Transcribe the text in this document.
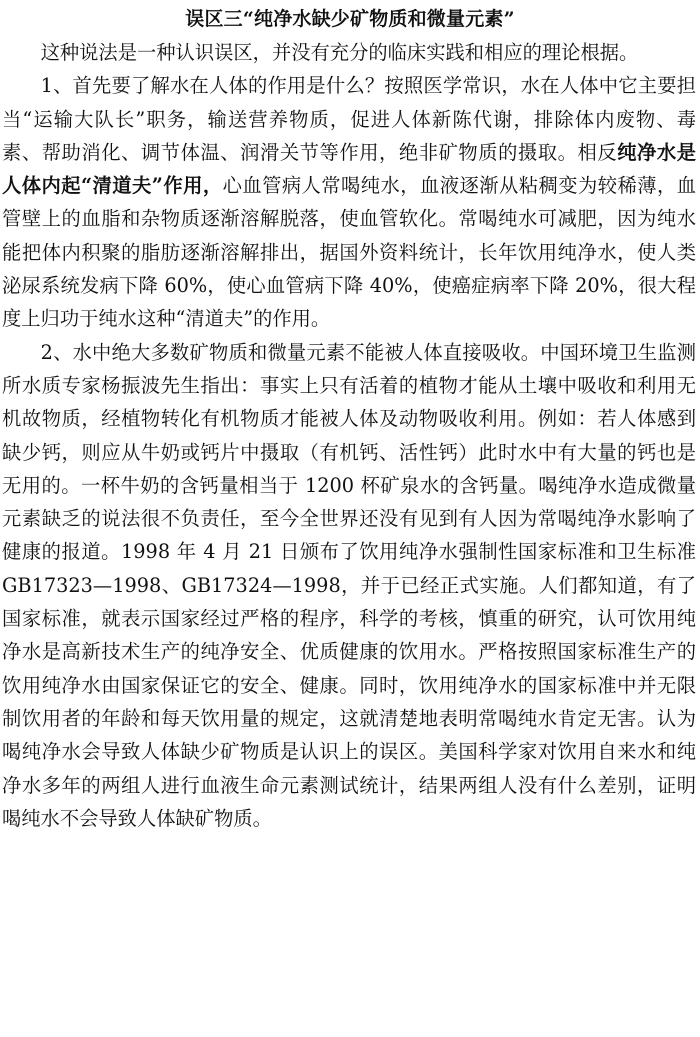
误区三“纯净水缺少矿物质和微量元素”

这种说法是一种认识误区，并没有充分的临床实践和相应的理论根据。

1、首先要了解水在人体的作用是什么？按照医学常识，水在人体中它主要担当“运输大队长”职务，输送营养物质，促进人体新陈代谢，排除体内废物、毒素、帮助消化、调节体温、润滑关节等作用，绝非矿物质的摄取。相反纯净水是人体内起“清道夫”作用，心血管病人常喝纯水，血液逐渐从粘稠变为较稀薄，血管壁上的血脂和杂物质逐渐溶解脱落，使血管软化。常喝纯水可减肥，因为纯水能把体内积聚的脂肪逐渐溶解排出，据国外资料统计，长年饮用纯净水，使人类泌尿系统发病下降 60%，使心血管病下降 40%，使癌症病率下降 20%，很大程度上归功于纯水这种“清道夫”的作用。

2、水中绝大多数矿物质和微量元素不能被人体直接吸收。中国环境卫生监测所水质专家杨振波先生指出：事实上只有活着的植物才能从土壤中吸收和利用无机故物质，经植物转化有机物质才能被人体及动物吸收利用。例如：若人体感到缺少钙，则应从牛奶或钙片中摄取（有机钙、活性钙）此时水中有大量的钙也是无用的。一杯牛奶的含钙量相当于 1200 杯矿泉水的含钙量。喝纯净水造成微量元素缺乏的说法很不负责任，至今全世界还没有见到有人因为常喝纯净水影响了健康的报道。1998 年 4 月 21 日颁布了饮用纯净水强制性国家标准和卫生标准 GB17323—1998、GB17324—1998，并于已经正式实施。人们都知道，有了国家标准，就表示国家经过严格的程序，科学的考核，慎重的研究，认可饮用纯净水是高新技术生产的纯净安全、优质健康的饮用水。严格按照国家标准生产的饮用纯净水由国家保证它的安全、健康。同时，饮用纯净水的国家标准中并无限制饮用者的年龄和每天饮用量的规定，这就清楚地表明常喝纯水肯定无害。认为喝纯净水会导致人体缺少矿物质是认识上的误区。美国科学家对饮用自来水和纯净水多年的两组人进行血液生命元素测试统计，结果两组人没有什么差别，证明喝纯水不会导致人体缺矿物质。
